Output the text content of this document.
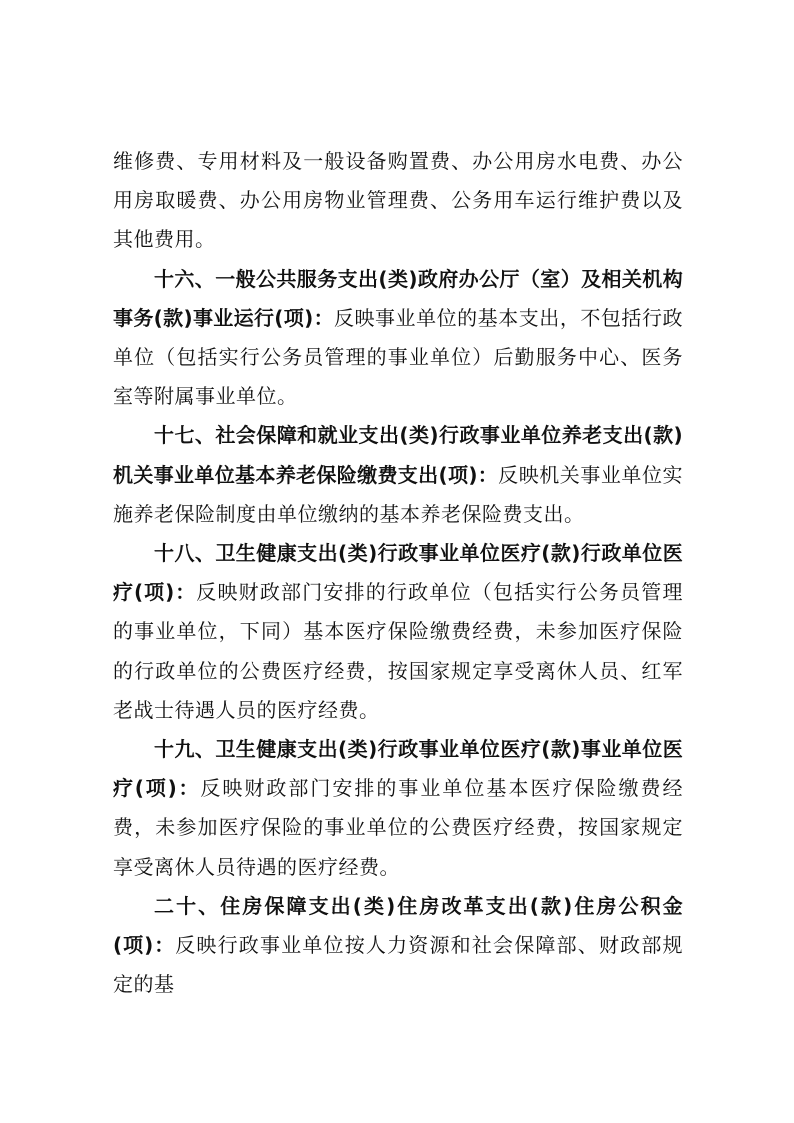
维修费、专用材料及一般设备购置费、办公用房水电费、办公用房取暖费、办公用房物业管理费、公务用车运行维护费以及其他费用。

十六、一般公共服务支出(类)政府办公厅（室）及相关机构事务(款)事业运行(项)：反映事业单位的基本支出，不包括行政单位（包括实行公务员管理的事业单位）后勤服务中心、医务室等附属事业单位。

十七、社会保障和就业支出(类)行政事业单位养老支出(款)机关事业单位基本养老保险缴费支出(项)：反映机关事业单位实施养老保险制度由单位缴纳的基本养老保险费支出。

十八、卫生健康支出(类)行政事业单位医疗(款)行政单位医疗(项)：反映财政部门安排的行政单位（包括实行公务员管理的事业单位，下同）基本医疗保险缴费经费，未参加医疗保险的行政单位的公费医疗经费，按国家规定享受离休人员、红军老战士待遇人员的医疗经费。

十九、卫生健康支出(类)行政事业单位医疗(款)事业单位医疗(项)：反映财政部门安排的事业单位基本医疗保险缴费经费，未参加医疗保险的事业单位的公费医疗经费，按国家规定享受离休人员待遇的医疗经费。

二十、住房保障支出(类)住房改革支出(款)住房公积金(项)：反映行政事业单位按人力资源和社会保障部、财政部规定的基
